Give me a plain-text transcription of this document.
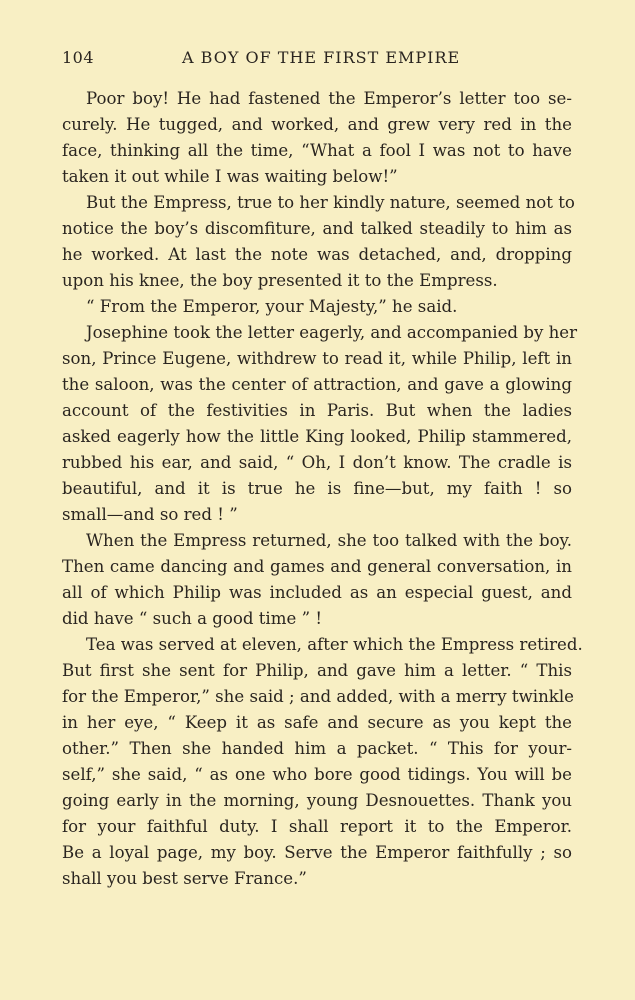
104	A BOY OF THE FIRST EMPIRE
Poor boy! He had fastened the Emperor’s letter too se-
curely. He tugged, and worked, and grew very red in the
face, thinking all the time, “What a fool I was not to have
taken it out while I was waiting below!”
But the Empress, true to her kindly nature, seemed not to
notice the boy’s discomfiture, and talked steadily to him as
he worked. At last the note was detached, and, dropping
upon his knee, the boy presented it to the Empress.
“ From the Emperor, your Majesty,” he said.
Josephine took the letter eagerly, and accompanied by her
son, Prince Eugene, withdrew to read it, while Philip, left in
the saloon, was the center of attraction, and gave a glowing
account of the festivities in Paris. But when the ladies
asked eagerly how the little King looked, Philip stammered,
rubbed his ear, and said, “ Oh, I don’t know. The cradle is
beautiful, and it is true he is fine—but, my faith ! so
small—and so red ! ”
When the Empress returned, she too talked with the boy.
Then came dancing and games and general conversation, in
all of which Philip was included as an especial guest, and
did have “ such a good time ” !
Tea was served at eleven, after which the Empress retired.
But first she sent for Philip, and gave him a letter. “ This
for the Emperor,” she said ; and added, with a merry twinkle
in her eye, “ Keep it as safe and secure as you kept the
other.” Then she handed him a packet. “ This for your-
self,” she said, “ as one who bore good tidings. You will be
going early in the morning, young Desnouettes. Thank you
for your faithful duty. I shall report it to the Emperor.
Be a loyal page, my boy. Serve the Emperor faithfully ; so
shall you best serve France.”
